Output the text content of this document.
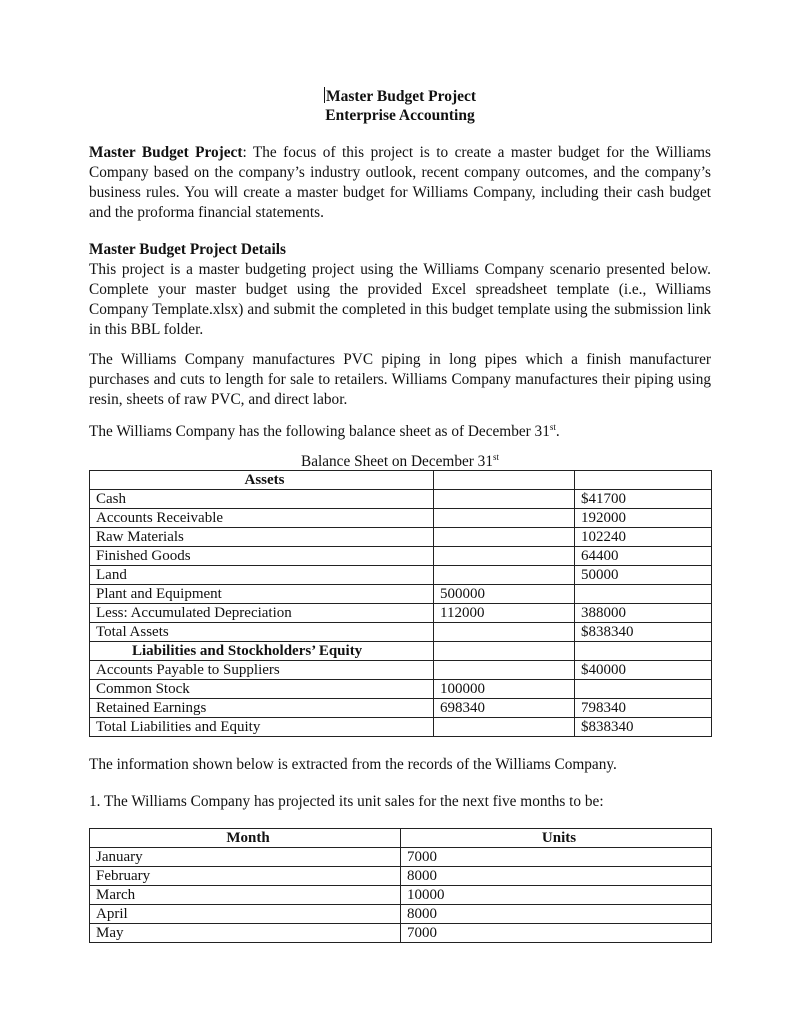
Master Budget Project
Enterprise Accounting
Master Budget Project: The focus of this project is to create a master budget for the Williams Company based on the company’s industry outlook, recent company outcomes, and the company’s business rules. You will create a master budget for Williams Company, including their cash budget and the proforma financial statements.
Master Budget Project Details
This project is a master budgeting project using the Williams Company scenario presented below. Complete your master budget using the provided Excel spreadsheet template (i.e., Williams Company Template.xlsx) and submit the completed in this budget template using the submission link in this BBL folder.
The Williams Company manufactures PVC piping in long pipes which a finish manufacturer purchases and cuts to length for sale to retailers. Williams Company manufactures their piping using resin, sheets of raw PVC, and direct labor.
The Williams Company has the following balance sheet as of December 31st.
Balance Sheet on December 31st
Assets		
Cash		$41700
Accounts Receivable		192000
Raw Materials		102240
Finished Goods		64400
Land		50000
Plant and Equipment	500000	
Less: Accumulated Depreciation	112000	388000
Total Assets		$838340
Liabilities and Stockholders’ Equity		
Accounts Payable to Suppliers		$40000
Common Stock	100000	
Retained Earnings	698340	798340
Total Liabilities and Equity		$838340
The information shown below is extracted from the records of the Williams Company.
1. The Williams Company has projected its unit sales for the next five months to be:
Month	Units
January	7000
February	8000
March	10000
April	8000
May	7000
